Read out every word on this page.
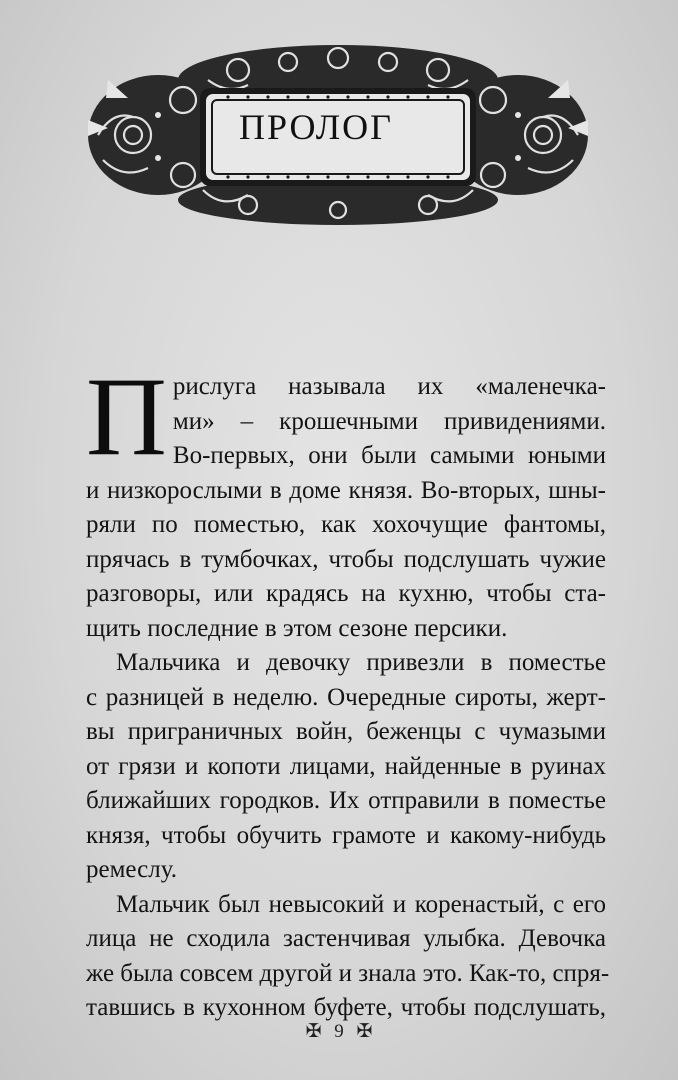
ПРОЛОГ
П рислуга называла их «маленечка-
ми» – крошечными привидениями.
Во-первых, они были самыми юными
и низкорослыми в доме князя. Во-вторых, шны-
ряли по поместью, как хохочущие фантомы,
прячась в тумбочках, чтобы подслушать чужие
разговоры, или крадясь на кухню, чтобы ста-
щить последние в этом сезоне персики.
Мальчика и девочку привезли в поместье
с разницей в неделю. Очередные сироты, жерт-
вы приграничных войн, беженцы с чумазыми
от грязи и копоти лицами, найденные в руинах
ближайших городков. Их отправили в поместье
князя, чтобы обучить грамоте и какому-нибудь
ремеслу.
Мальчик был невысокий и коренастый, с его
лица не сходила застенчивая улыбка. Девочка
же была совсем другой и знала это. Как-то, спря-
тавшись в кухонном буфете, чтобы подслушать,
✠ 9 ✠
